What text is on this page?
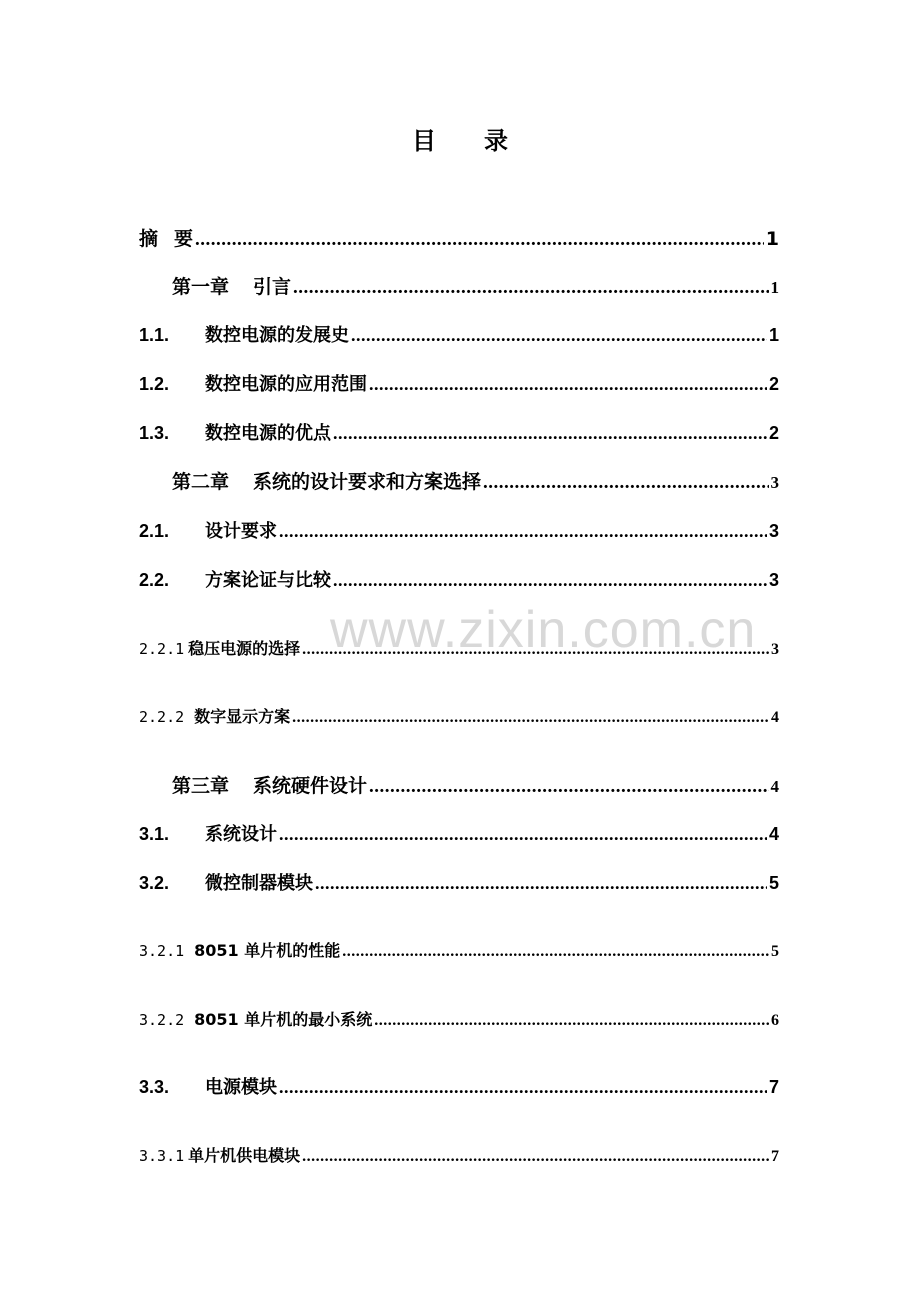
www.zixin.com.cn
目 录
摘 要 .....	1
第一章 引言 .....	1
1.1.	数控电源的发展史 .....	1
1.2.	数控电源的应用范围 .....	2
1.3.	数控电源的优点 .....	2
第二章 系统的设计要求和方案选择 .....	3
2.1.	设计要求 .....	3
2.2.	方案论证与比较 .....	3
2.2.1 稳压电源的选择 .....	3
2.2.2 数字显示方案 .....	4
第三章 系统硬件设计 .....	4
3.1.	系统设计 .....	4
3.2.	微控制器模块 .....	5
3.2.1 8051 单片机的性能 .....	5
3.2.2 8051 单片机的最小系统 .....	6
3.3.	电源模块 .....	7
3.3.1 单片机供电模块 .....	7
